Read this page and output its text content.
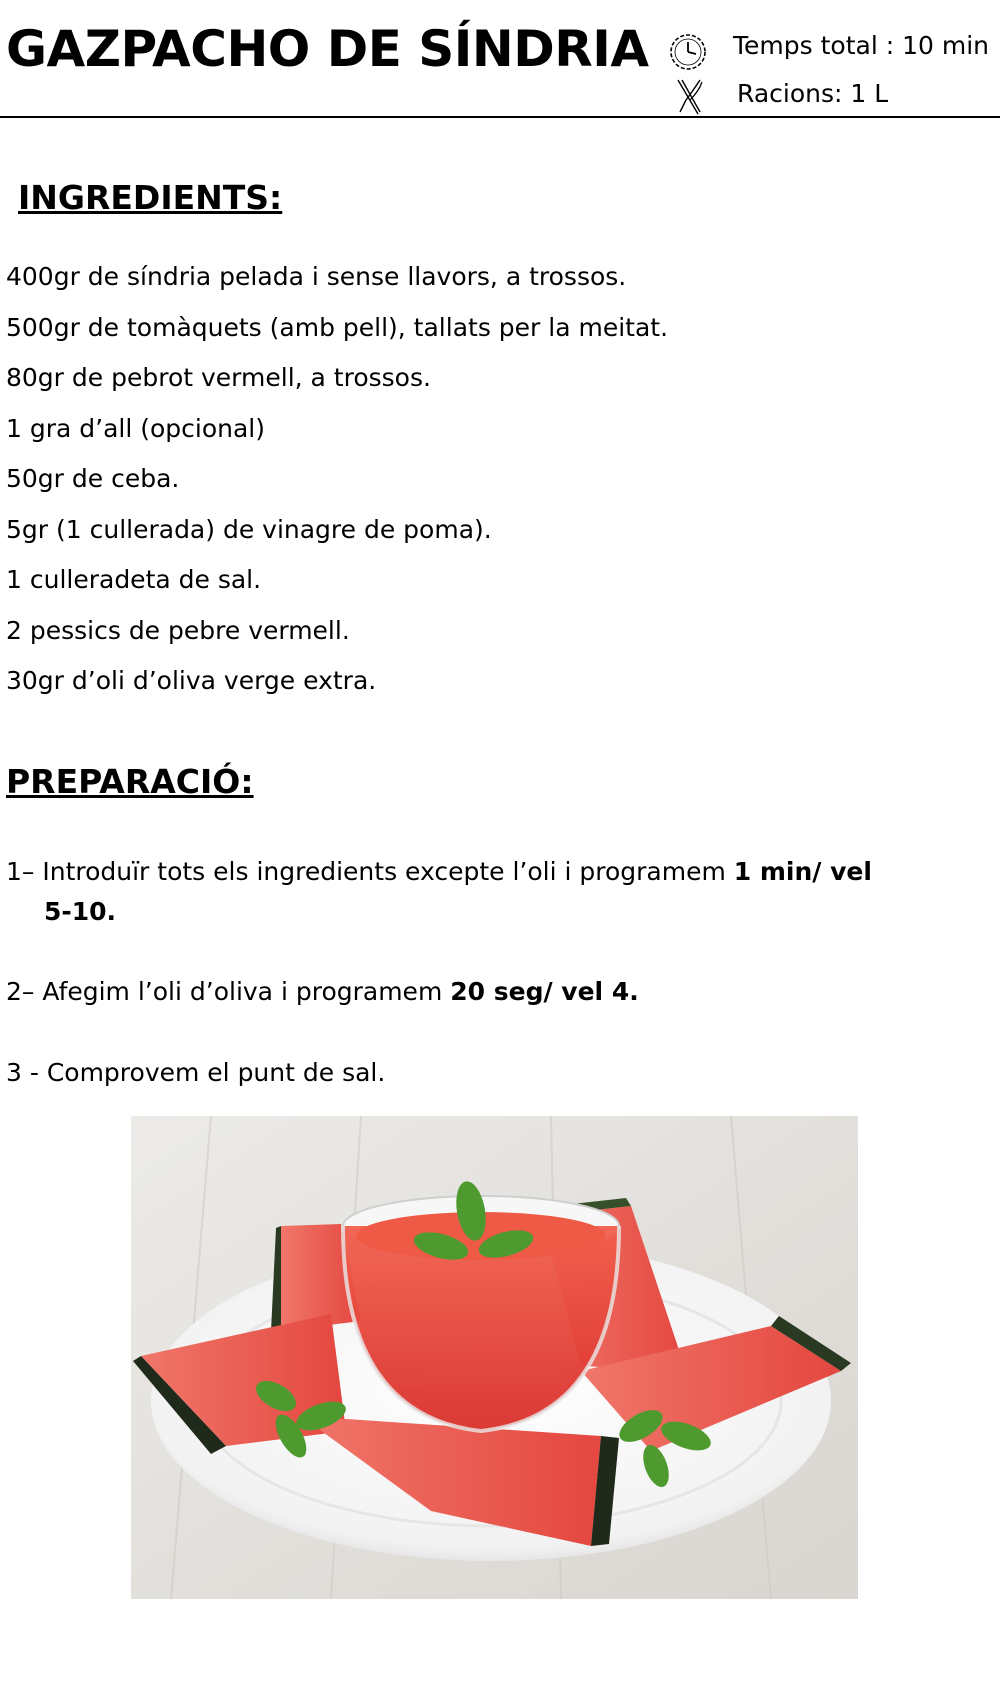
GAZPACHO DE SÍNDRIA	Temps total : 10 min
Racions: 1 L
INGREDIENTS:
400gr de síndria pelada i sense llavors, a trossos.
500gr de tomàquets (amb pell), tallats per la meitat.
80gr de pebrot vermell, a trossos.
1 gra d’all (opcional)
50gr de ceba.
5gr (1 cullerada) de vinagre de poma).
1 culleradeta de sal.
2 pessics de pebre vermell.
30gr d’oli d’oliva verge extra.
PREPARACIÓ:
1– Introduïr tots els ingredients excepte l’oli i programem 1 min/ vel
5-10.
2– Afegim l’oli d’oliva i programem 20 seg/ vel 4.
3 - Comprovem el punt de sal.
